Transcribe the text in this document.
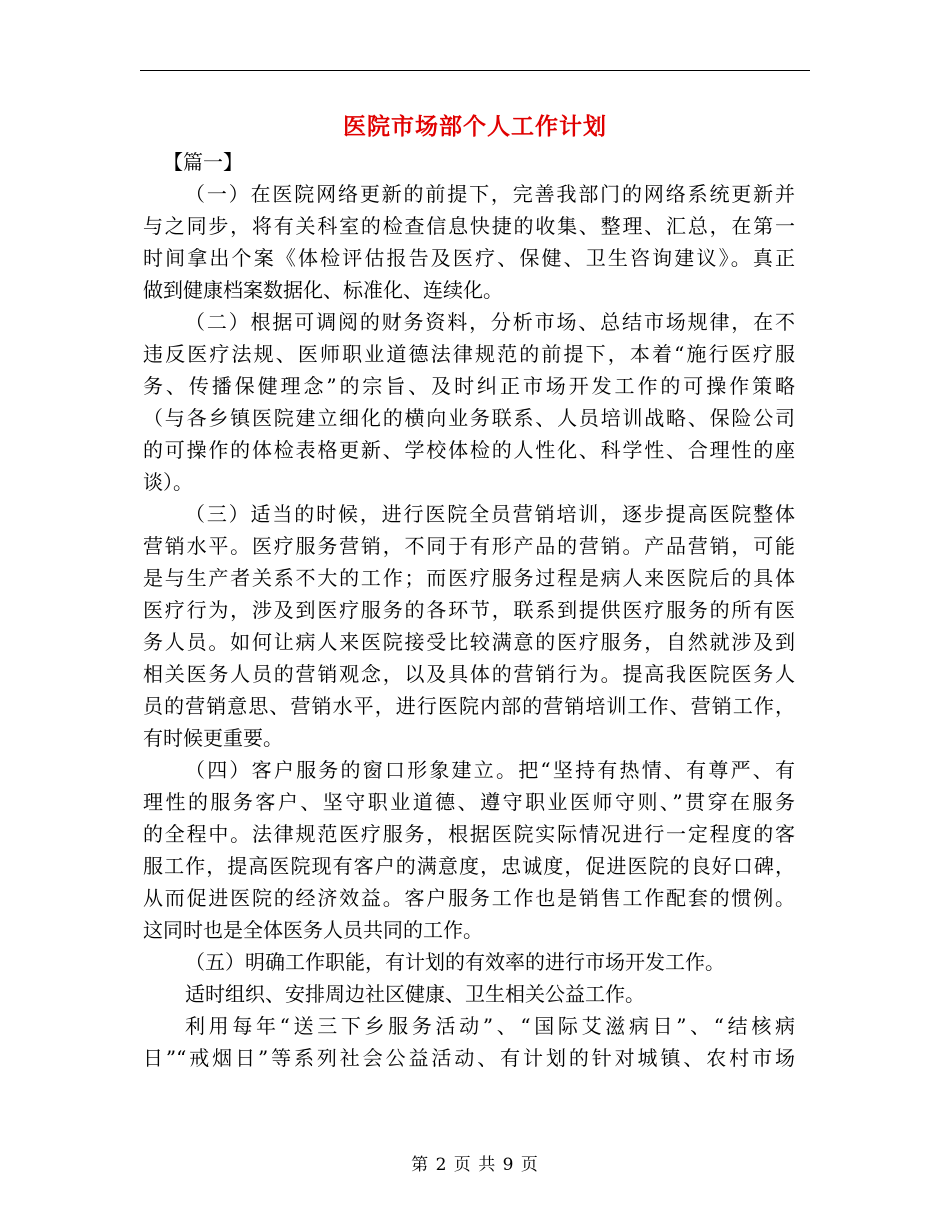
医院市场部个人工作计划
【篇一】
（一）在医院网络更新的前提下，完善我部门的网络系统更新并
与之同步，将有关科室的检查信息快捷的收集、整理、汇总，在第一
时间拿出个案《体检评估报告及医疗、保健、卫生咨询建议》。真正
做到健康档案数据化、标准化、连续化。
（二）根据可调阅的财务资料，分析市场、总结市场规律，在不
违反医疗法规、医师职业道德法律规范的前提下，本着“施行医疗服
务、传播保健理念”的宗旨、及时纠正市场开发工作的可操作策略
（与各乡镇医院建立细化的横向业务联系、人员培训战略、保险公司
的可操作的体检表格更新、学校体检的人性化、科学性、合理性的座
谈）。
（三）适当的时候，进行医院全员营销培训，逐步提高医院整体
营销水平。医疗服务营销，不同于有形产品的营销。产品营销，可能
是与生产者关系不大的工作；而医疗服务过程是病人来医院后的具体
医疗行为，涉及到医疗服务的各环节，联系到提供医疗服务的所有医
务人员。如何让病人来医院接受比较满意的医疗服务，自然就涉及到
相关医务人员的营销观念，以及具体的营销行为。提高我医院医务人
员的营销意思、营销水平，进行医院内部的营销培训工作、营销工作，
有时候更重要。
（四）客户服务的窗口形象建立。把“坚持有热情、有尊严、有
理性的服务客户、坚守职业道德、遵守职业医师守则、”贯穿在服务
的全程中。法律规范医疗服务，根据医院实际情况进行一定程度的客
服工作，提高医院现有客户的满意度，忠诚度，促进医院的良好口碑，
从而促进医院的经济效益。客户服务工作也是销售工作配套的惯例。
这同时也是全体医务人员共同的工作。
（五）明确工作职能，有计划的有效率的进行市场开发工作。
适时组织、安排周边社区健康、卫生相关公益工作。
利用每年“送三下乡服务活动”、“国际艾滋病日”、“结核病
日”“戒烟日”等系列社会公益活动、有计划的针对城镇、农村市场
第 2 页 共 9 页
